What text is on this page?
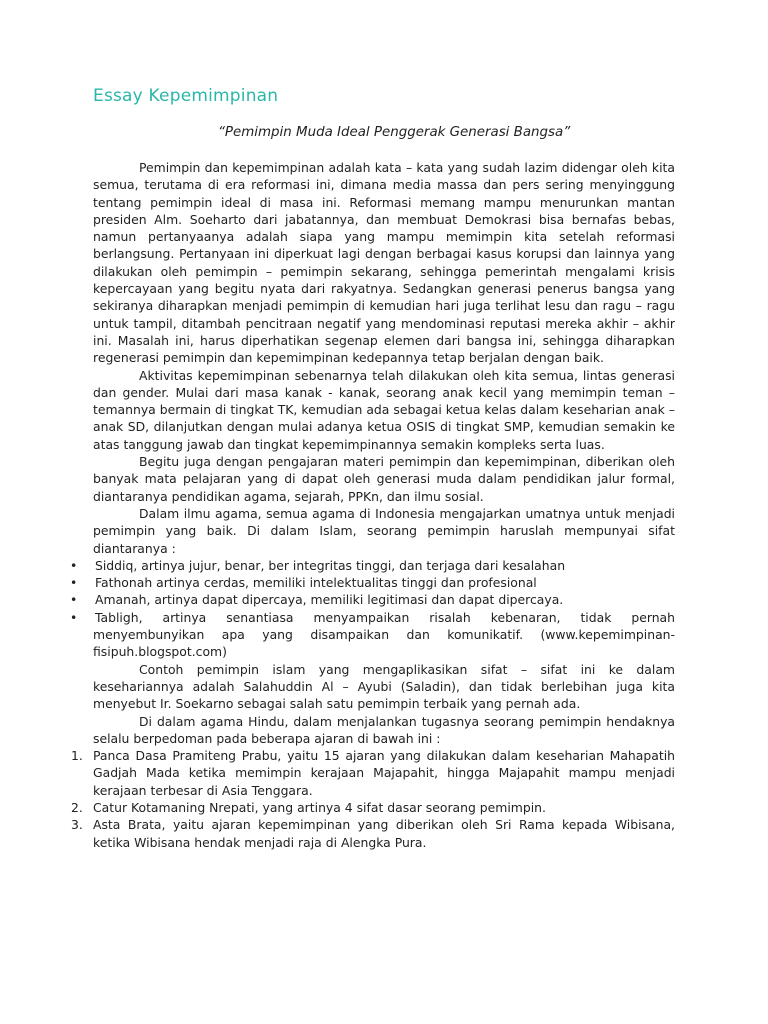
Essay Kepemimpinan
“Pemimpin Muda Ideal Penggerak Generasi Bangsa”

Pemimpin dan kepemimpinan adalah kata – kata yang sudah lazim didengar oleh kita semua, terutama di era reformasi ini, dimana media massa dan pers sering menyinggung tentang pemimpin ideal di masa ini. Reformasi memang mampu menurunkan mantan presiden Alm. Soeharto dari jabatannya, dan membuat Demokrasi bisa bernafas bebas, namun pertanyaanya adalah siapa yang mampu memimpin kita setelah reformasi berlangsung. Pertanyaan ini diperkuat lagi dengan berbagai kasus korupsi dan lainnya yang dilakukan oleh pemimpin – pemimpin sekarang, sehingga pemerintah mengalami krisis kepercayaan yang begitu nyata dari rakyatnya. Sedangkan generasi penerus bangsa yang sekiranya diharapkan menjadi pemimpin di kemudian hari juga terlihat lesu dan ragu – ragu untuk tampil, ditambah pencitraan negatif yang mendominasi reputasi mereka akhir – akhir ini. Masalah ini, harus diperhatikan segenap elemen dari bangsa ini, sehingga diharapkan regenerasi pemimpin dan kepemimpinan kedepannya tetap berjalan dengan baik.

Aktivitas kepemimpinan sebenarnya telah dilakukan oleh kita semua, lintas generasi dan gender. Mulai dari masa kanak - kanak, seorang anak kecil yang memimpin teman –temannya bermain di tingkat TK, kemudian ada sebagai ketua kelas dalam keseharian anak – anak SD, dilanjutkan dengan mulai adanya ketua OSIS di tingkat SMP, kemudian semakin ke atas tanggung jawab dan tingkat kepemimpinannya semakin kompleks serta luas.

Begitu juga dengan pengajaran materi pemimpin dan kepemimpinan, diberikan oleh banyak mata pelajaran yang di dapat oleh generasi muda dalam pendidikan jalur formal, diantaranya pendidikan agama, sejarah, PPKn, dan ilmu sosial.

Dalam ilmu agama, semua agama di Indonesia mengajarkan umatnya untuk menjadi pemimpin yang baik. Di dalam Islam, seorang pemimpin haruslah mempunyai sifat diantaranya :

• Siddiq, artinya jujur, benar, ber integritas tinggi, dan terjaga dari kesalahan
• Fathonah artinya cerdas, memiliki intelektualitas tinggi dan profesional
• Amanah, artinya dapat dipercaya, memiliki legitimasi dan dapat dipercaya.
• Tabligh, artinya senantiasa menyampaikan risalah kebenaran, tidak pernah menyembunyikan apa yang disampaikan dan komunikatif. (www.kepemimpinan-fisipuh.blogspot.com)

Contoh pemimpin islam yang mengaplikasikan sifat – sifat ini ke dalam kesehariannya adalah Salahuddin Al – Ayubi (Saladin), dan tidak berlebihan juga kita menyebut Ir. Soekarno sebagai salah satu pemimpin terbaik yang pernah ada.

Di dalam agama Hindu, dalam menjalankan tugasnya seorang pemimpin hendaknya selalu berpedoman pada beberapa ajaran di bawah ini :

1. Panca Dasa Pramiteng Prabu, yaitu 15 ajaran yang dilakukan dalam keseharian Mahapatih Gadjah Mada ketika memimpin kerajaan Majapahit, hingga Majapahit mampu menjadi kerajaan terbesar di Asia Tenggara.
2. Catur Kotamaning Nrepati, yang artinya 4 sifat dasar seorang pemimpin.
3. Asta Brata, yaitu ajaran kepemimpinan yang diberikan oleh Sri Rama kepada Wibisana, ketika Wibisana hendak menjadi raja di Alengka Pura.
